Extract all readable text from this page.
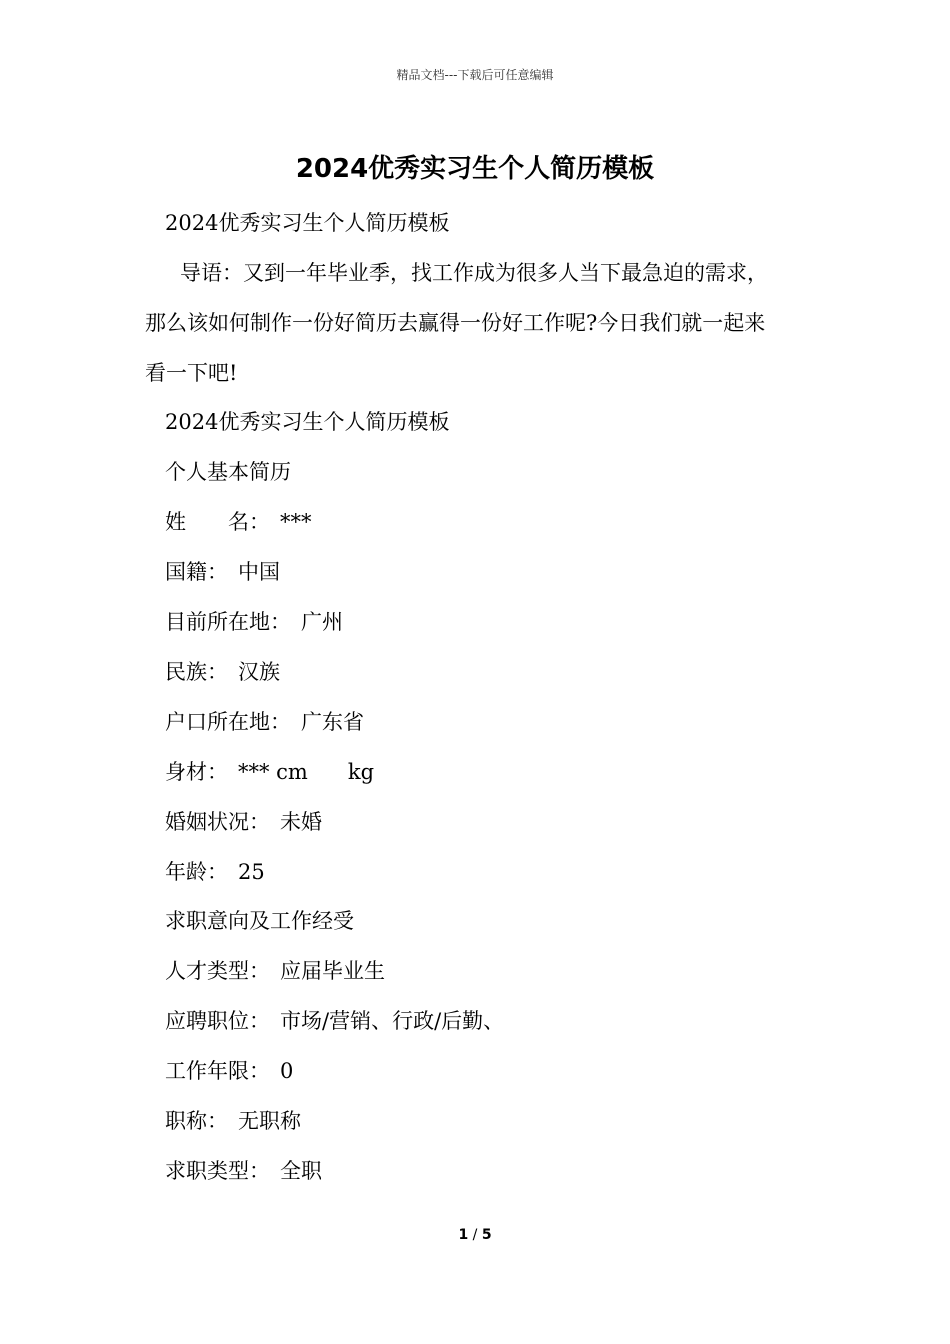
精品文档---下载后可任意编辑
2024优秀实习生个人简历模板
2024优秀实习生个人简历模板
导语：又到一年毕业季，找工作成为很多人当下最急迫的需求，
那么该如何制作一份好简历去赢得一份好工作呢?今日我们就一起来
看一下吧!
2024优秀实习生个人简历模板
个人基本简历
姓　　名： ***
国籍： 中国
目前所在地： 广州
民族： 汉族
户口所在地： 广东省
身材： *** cm      kg
婚姻状况： 未婚
年龄： 25
求职意向及工作经受
人才类型： 应届毕业生
应聘职位： 市场/营销、行政/后勤、
工作年限： 0
职称： 无职称
求职类型： 全职
1 / 5
